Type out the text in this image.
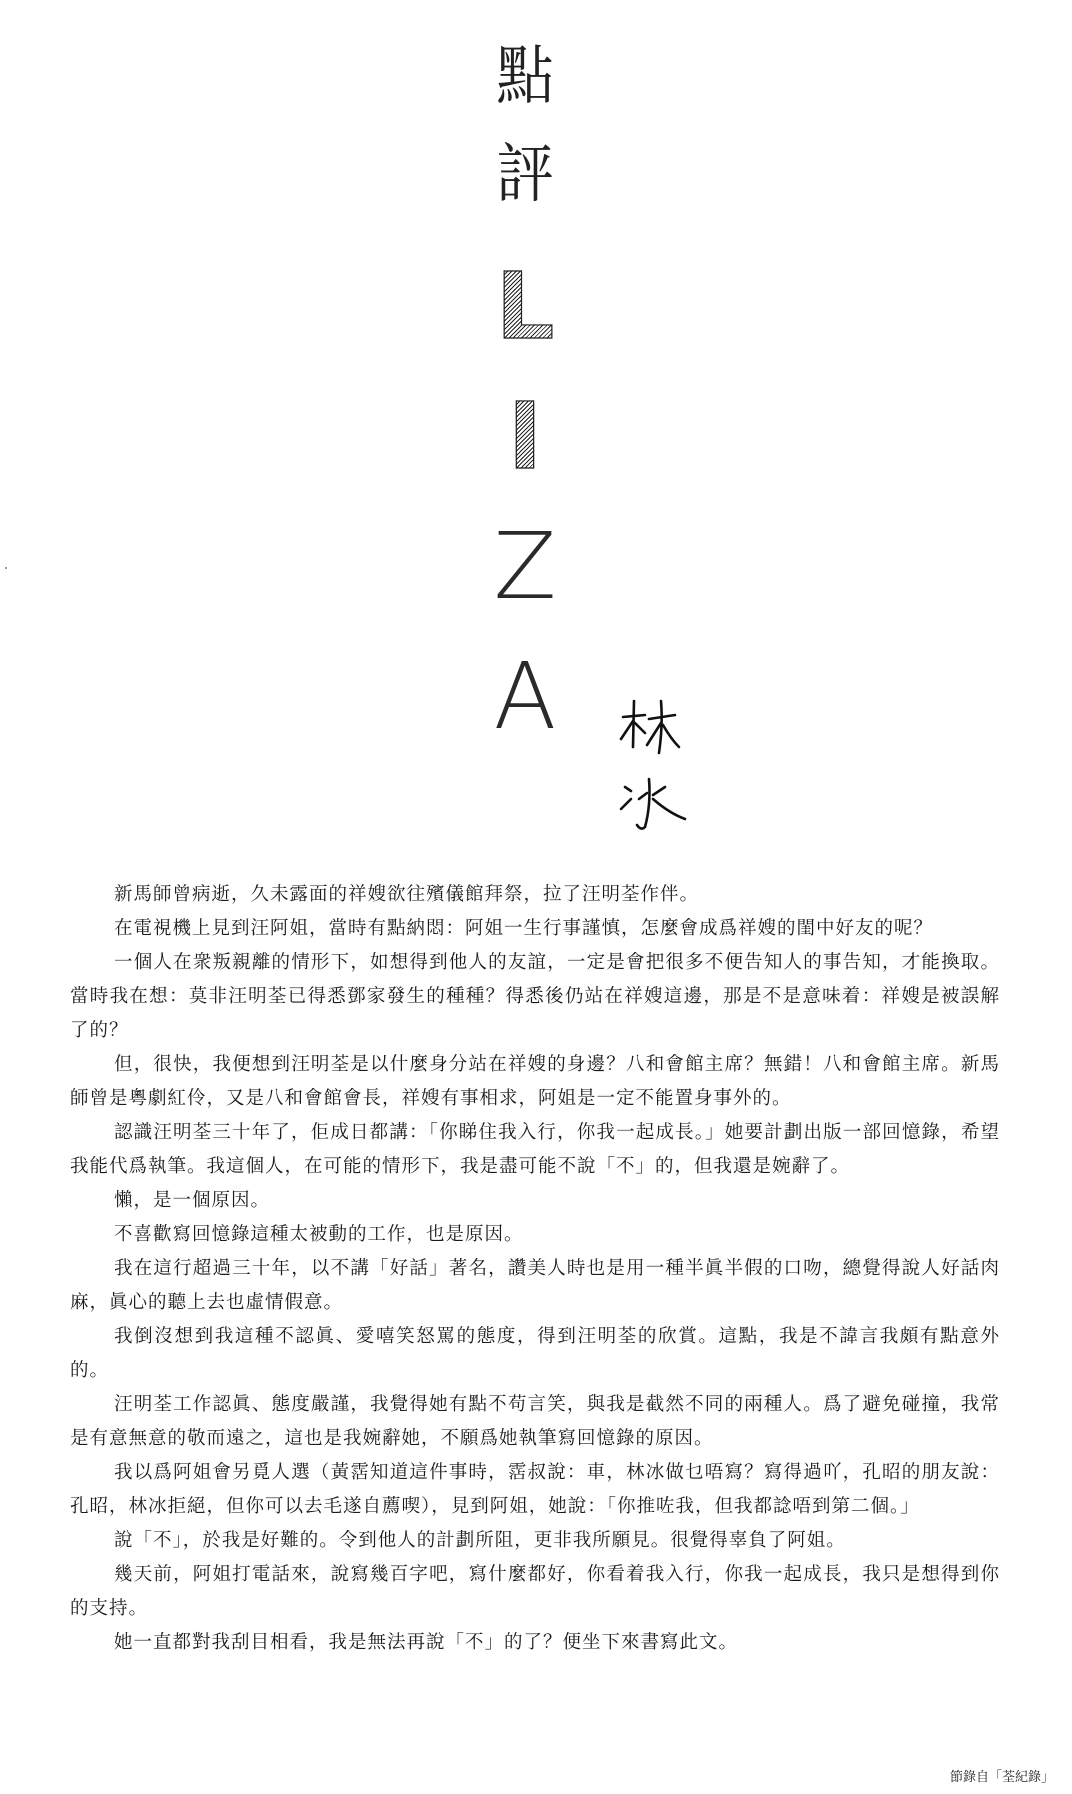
點
評
L
I
Z
A

新馬師曾病逝，久未露面的祥嫂欲往殯儀館拜祭，拉了汪明荃作伴。

在電視機上見到汪阿姐，當時有點納悶：阿姐一生行事謹慎，怎麼會成爲祥嫂的閨中好友的呢？

一個人在衆叛親離的情形下，如想得到他人的友誼，一定是會把很多不便告知人的事告知，才能換取。當時我在想：莫非汪明荃已得悉鄧家發生的種種？得悉後仍站在祥嫂這邊，那是不是意味着：祥嫂是被誤解了的？

但，很快，我便想到汪明荃是以什麼身分站在祥嫂的身邊？八和會館主席？無錯！八和會館主席。新馬師曾是粵劇紅伶，又是八和會館會長，祥嫂有事相求，阿姐是一定不能置身事外的。

認識汪明荃三十年了，佢成日都講：「你睇住我入行，你我一起成長。」她要計劃出版一部回憶錄，希望我能代爲執筆。我這個人，在可能的情形下，我是盡可能不說「不」的，但我還是婉辭了。

懶，是一個原因。

不喜歡寫回憶錄這種太被動的工作，也是原因。

我在這行超過三十年，以不講「好話」著名，讚美人時也是用一種半眞半假的口吻，總覺得說人好話肉麻，眞心的聽上去也虛情假意。

我倒沒想到我這種不認眞、愛嘻笑怒罵的態度，得到汪明荃的欣賞。這點，我是不諱言我頗有點意外的。

汪明荃工作認眞、態度嚴謹，我覺得她有點不苟言笑，與我是截然不同的兩種人。爲了避免碰撞，我常是有意無意的敬而遠之，這也是我婉辭她，不願爲她執筆寫回憶錄的原因。

我以爲阿姐會另覓人選（黃霑知道這件事時，霑叔說：車，林冰做乜唔寫？寫得過吖，孔昭的朋友說：孔昭，林冰拒絕，但你可以去毛遂自薦喫），見到阿姐，她說：「你推咗我，但我都諗唔到第二個。」

說「不」，於我是好難的。令到他人的計劃所阻，更非我所願見。很覺得辜負了阿姐。

幾天前，阿姐打電話來，說寫幾百字吧，寫什麼都好，你看着我入行，你我一起成長，我只是想得到你的支持。

她一直都對我刮目相看，我是無法再說「不」的了？便坐下來書寫此文。

節錄自「荃紀錄」
